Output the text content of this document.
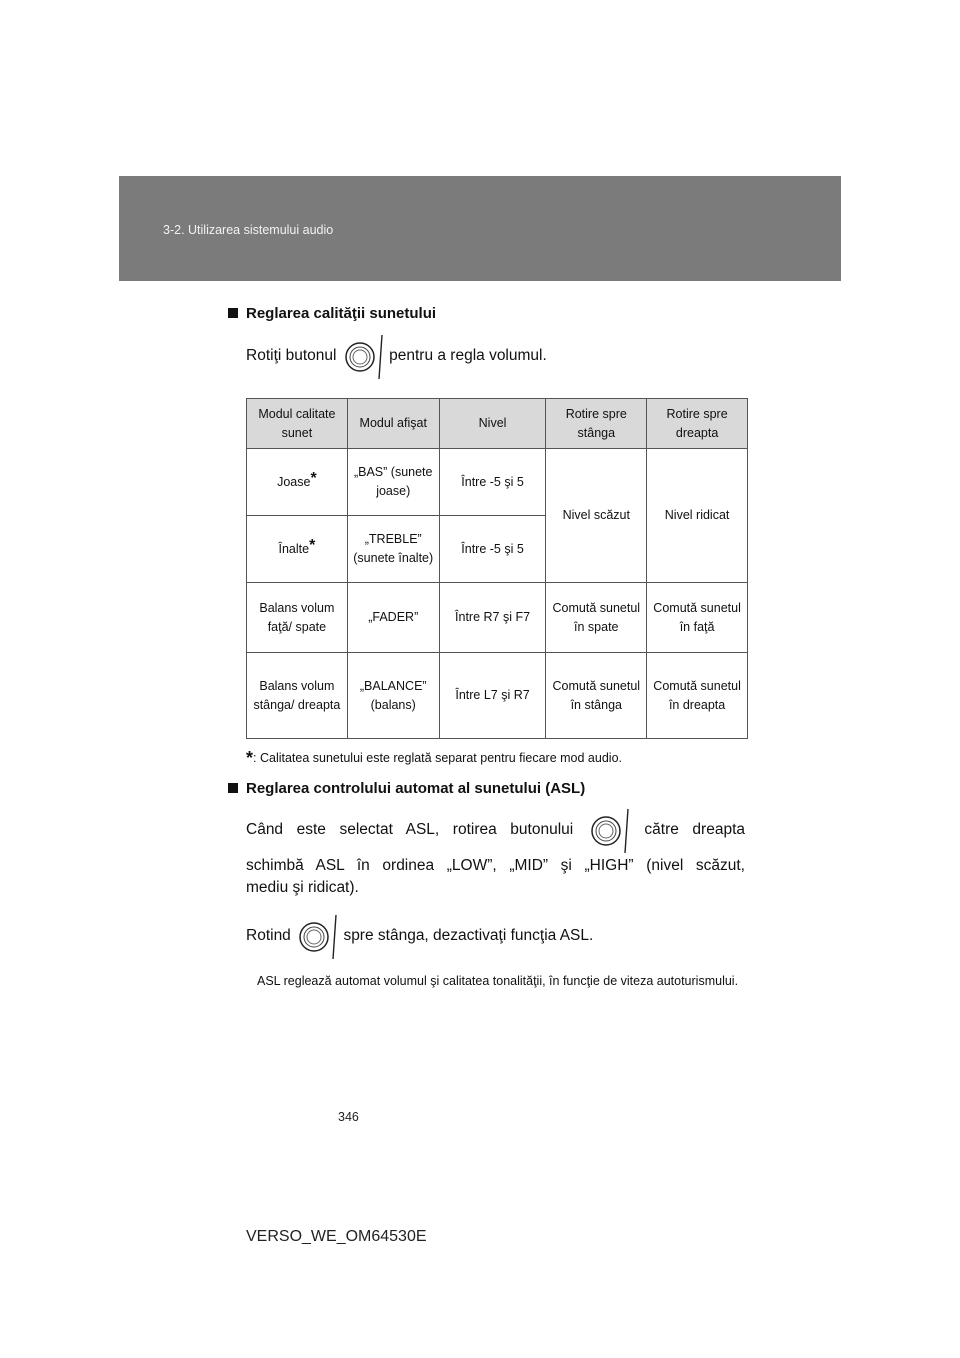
3-2. Utilizarea sistemului audio
Reglarea calităţii sunetului
Rotiţi butonul	pentru a regla volumul.
Modul calitate sunet	Modul afişat	Nivel	Rotire spre stânga	Rotire spre dreapta
Joase*	„BAS” (sunete joase)	Între -5 şi 5	Nivel scăzut	Nivel ridicat
Înalte*	„TREBLE” (sunete înalte)	Între -5 şi 5		
Balans volum faţă/ spate	„FADER”	Între R7 şi F7	Comută sunetul în spate	Comută sunetul în faţă
Balans volum stânga/ dreapta	„BALANCE” (balans)	Între L7 şi R7	Comută sunetul în stânga	Comută sunetul în dreapta
*: Calitatea sunetului este reglată separat pentru fiecare mod audio.
Reglarea controlului automat al sunetului (ASL)
Când este selectat ASL, rotirea butonului	către dreapta
schimbă ASL în ordinea „LOW”, „MID” şi „HIGH” (nivel scăzut,
mediu şi ridicat).
Rotind	spre stânga, dezactivaţi funcţia ASL.
ASL reglează automat volumul şi calitatea tonalităţii, în funcţie de viteza autoturismului.
346
VERSO_WE_OM64530E
